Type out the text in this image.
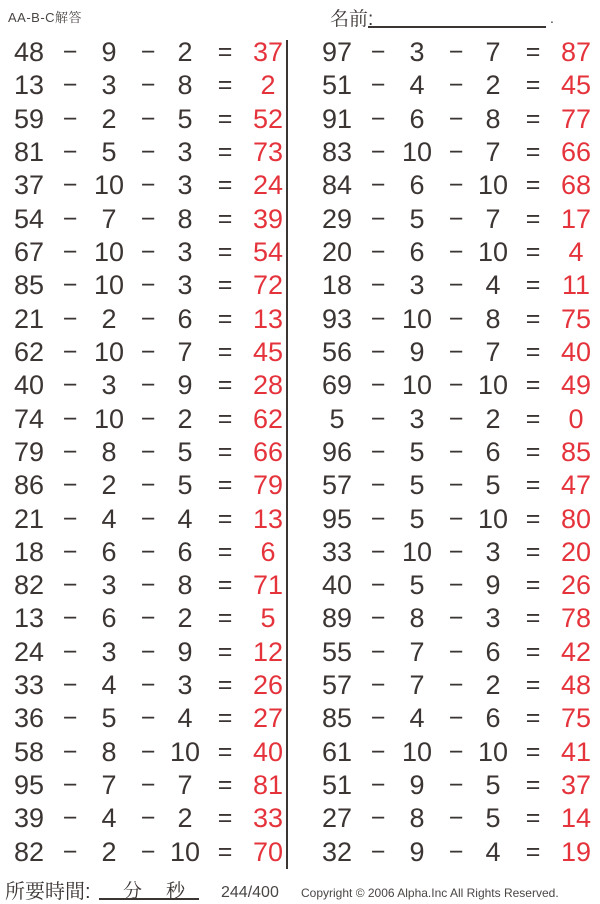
AA-B-C解答	名前:	.
48 − 9 − 2	= 37
13 − 3 − 8	=	2
59 − 2 − 5	= 52
81 − 5 − 3	= 73
37 − 10 − 3	= 24
54 − 7 − 8	= 39
67 − 10 − 3	= 54
85 − 10 − 3	= 72
21 − 2 − 6	= 13
62 − 10 − 7	= 45
40 − 3 − 9	= 28
74 − 10 − 2	= 62
79 − 8 − 5	= 66
86 − 2 − 5	= 79
21 − 4 − 4	= 13
18 − 6 − 6	=	6
82 − 3 − 8	= 71
13 − 6 − 2	=	5
24 − 3 − 9	= 12
33 − 4 − 3	= 26
36 − 5 − 4	= 27
58 − 8 − 10 = 40
95 − 7 − 7	= 81
39 − 4 − 2	= 33
82 − 2 − 10 = 70
97 − 3 − 7	= 87
51 − 4 − 2	= 45
91 − 6 − 8	= 77
83 − 10 − 7	= 66
84 − 6 − 10 = 68
29 − 5 − 7	= 17
20 − 6 − 10 =	4
18 − 3 − 4	= 11
93 − 10 − 8	= 75
56 − 9 − 7	= 40
69 − 10 − 10 = 49
5	− 3 − 2	=	0
96 − 5 − 6	= 85
57 − 5 − 5	= 47
95 − 5 − 10 = 80
33 − 10 − 3	= 20
40 − 5 − 9	= 26
89 − 8 − 3	= 78
55 − 7 − 6	= 42
57 − 7 − 2	= 48
85 − 4 − 6	= 75
61 − 10 − 10 = 41
51 − 9 − 5	= 37
27 − 8 − 5	= 14
32 − 9 − 4	= 19
所要時間: 分 秒 244/400 Copyright © 2006 Alpha.Inc All Rights Reserved.
